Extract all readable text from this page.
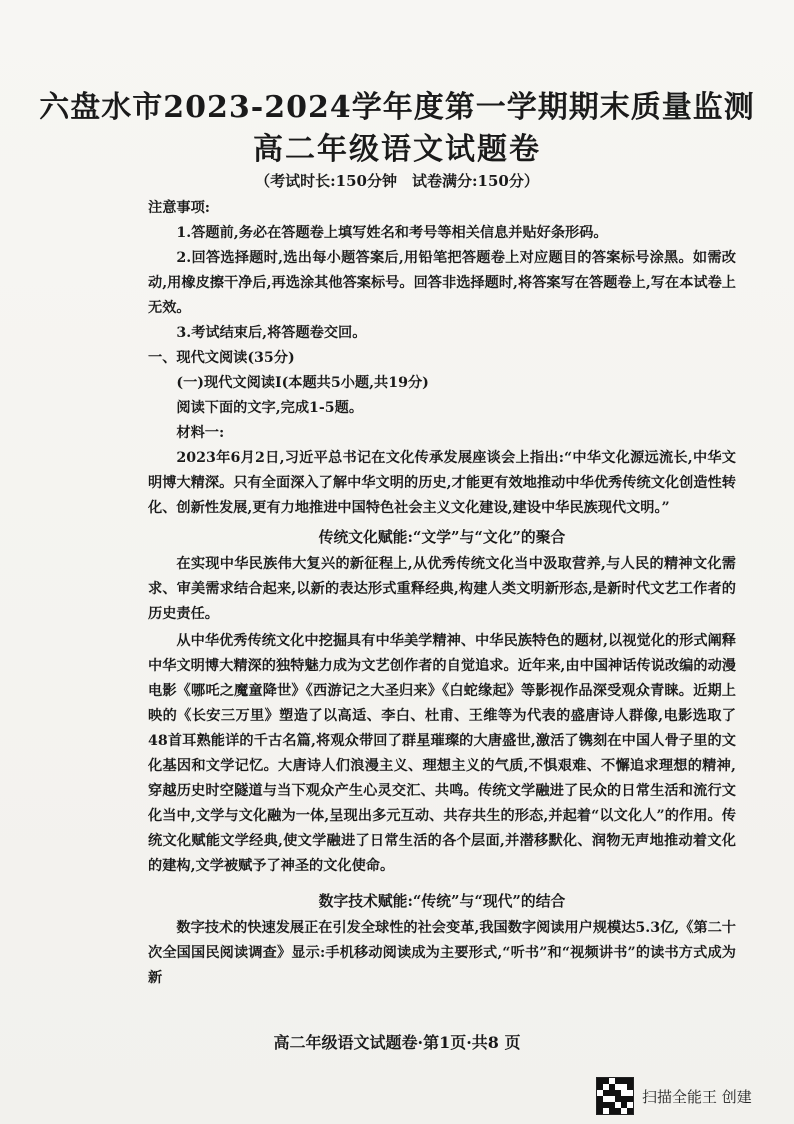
六盘水市2023-2024学年度第一学期期末质量监测
高二年级语文试题卷
（考试时长:150分钟　试卷满分:150分）

注意事项:

1.答题前,务必在答题卷上填写姓名和考号等相关信息并贴好条形码。

2.回答选择题时,选出每小题答案后,用铅笔把答题卷上对应题目的答案标号涂黑。如需改动,用橡皮擦干净后,再选涂其他答案标号。回答非选择题时,将答案写在答题卷上,写在本试卷上无效。

3.考试结束后,将答题卷交回。

一、现代文阅读(35分)

(一)现代文阅读Ⅰ(本题共5小题,共19分)

阅读下面的文字,完成1-5题。

材料一:

2023年6月2日,习近平总书记在文化传承发展座谈会上指出:“中华文化源远流长,中华文明博大精深。只有全面深入了解中华文明的历史,才能更有效地推动中华优秀传统文化创造性转化、创新性发展,更有力地推进中国特色社会主义文化建设,建设中华民族现代文明。”

传统文化赋能:“文学”与“文化”的聚合

在实现中华民族伟大复兴的新征程上,从优秀传统文化当中汲取营养,与人民的精神文化需求、审美需求结合起来,以新的表达形式重释经典,构建人类文明新形态,是新时代文艺工作者的历史责任。

从中华优秀传统文化中挖掘具有中华美学精神、中华民族特色的题材,以视觉化的形式阐释中华文明博大精深的独特魅力成为文艺创作者的自觉追求。近年来,由中国神话传说改编的动漫电影《哪吒之魔童降世》《西游记之大圣归来》《白蛇缘起》等影视作品深受观众青睐。近期上映的《长安三万里》塑造了以高适、李白、杜甫、王维等为代表的盛唐诗人群像,电影选取了48首耳熟能详的千古名篇,将观众带回了群星璀璨的大唐盛世,激活了镌刻在中国人骨子里的文化基因和文学记忆。大唐诗人们浪漫主义、理想主义的气质,不惧艰难、不懈追求理想的精神,穿越历史时空隧道与当下观众产生心灵交汇、共鸣。传统文学融进了民众的日常生活和流行文化当中,文学与文化融为一体,呈现出多元互动、共存共生的形态,并起着“以文化人”的作用。传统文化赋能文学经典,使文学融进了日常生活的各个层面,并潜移默化、润物无声地推动着文化的建构,文学被赋予了神圣的文化使命。

数字技术赋能:“传统”与“现代”的结合

数字技术的快速发展正在引发全球性的社会变革,我国数字阅读用户规模达5.3亿,《第二十次全国国民阅读调查》显示:手机移动阅读成为主要形式,“听书”和“视频讲书”的读书方式成为新

高二年级语文试题卷·第1页·共8 页
扫描全能王 创建
